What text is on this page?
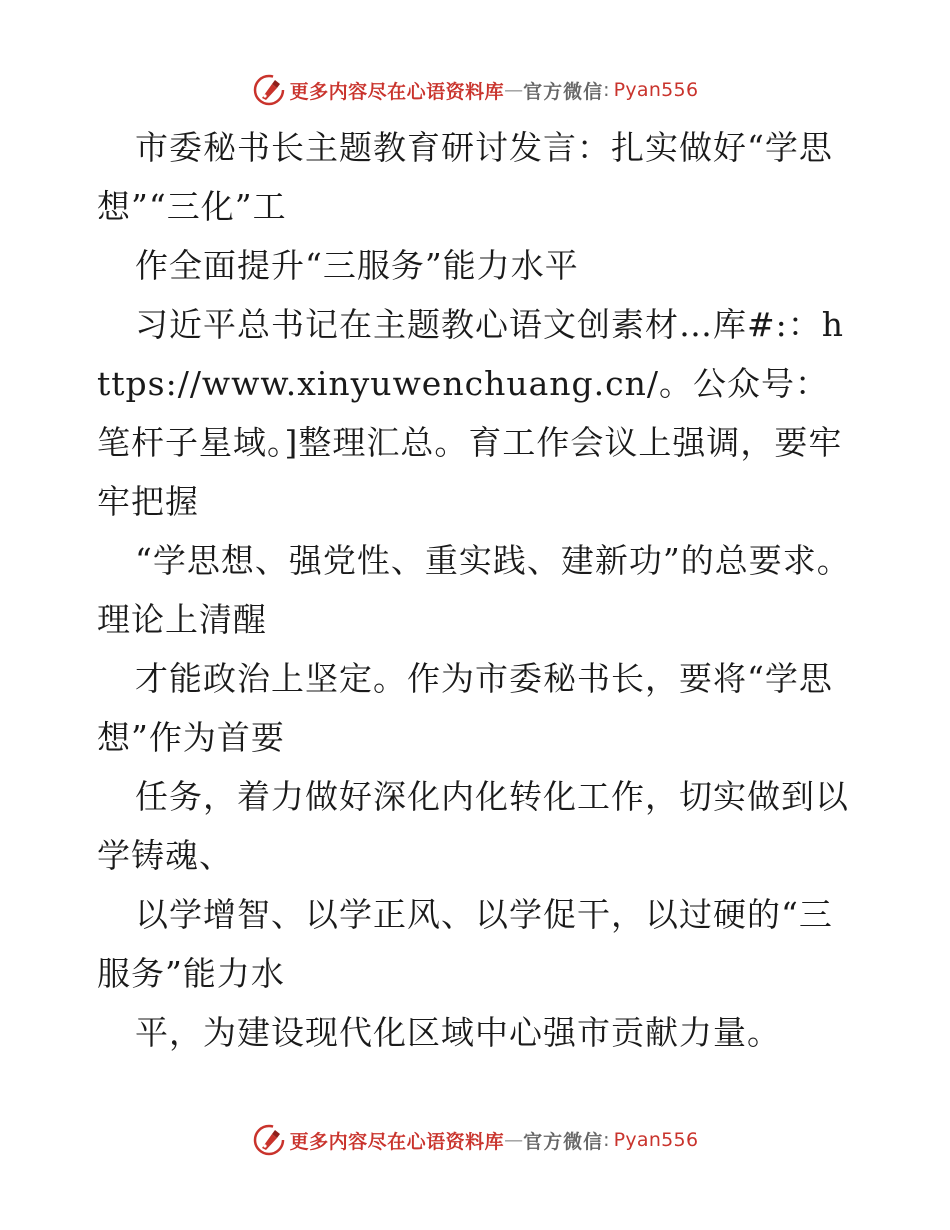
更多内容尽在心语资料库 — 官方微信 : Pyan556

市委秘书长主题教育研讨发言：扎实做好“学思想”“三化”工

作全面提升“三服务”能力水平

习近平总书记在主题教心语文创素材…库#:：https://www.xinyuwenchuang.cn/。公众号：笔杆子星域。]整理汇总。育工作会议上强调，要牢牢把握

“学思想、强党性、重实践、建新功”的总要求。理论上清醒

才能政治上坚定。作为市委秘书长，要将“学思想”作为首要

任务，着力做好深化内化转化工作，切实做到以学铸魂、

以学增智、以学正风、以学促干，以过硬的“三服务”能力水

平，为建设现代化区域中心强市贡献力量。

更多内容尽在心语资料库 — 官方微信 : Pyan556
